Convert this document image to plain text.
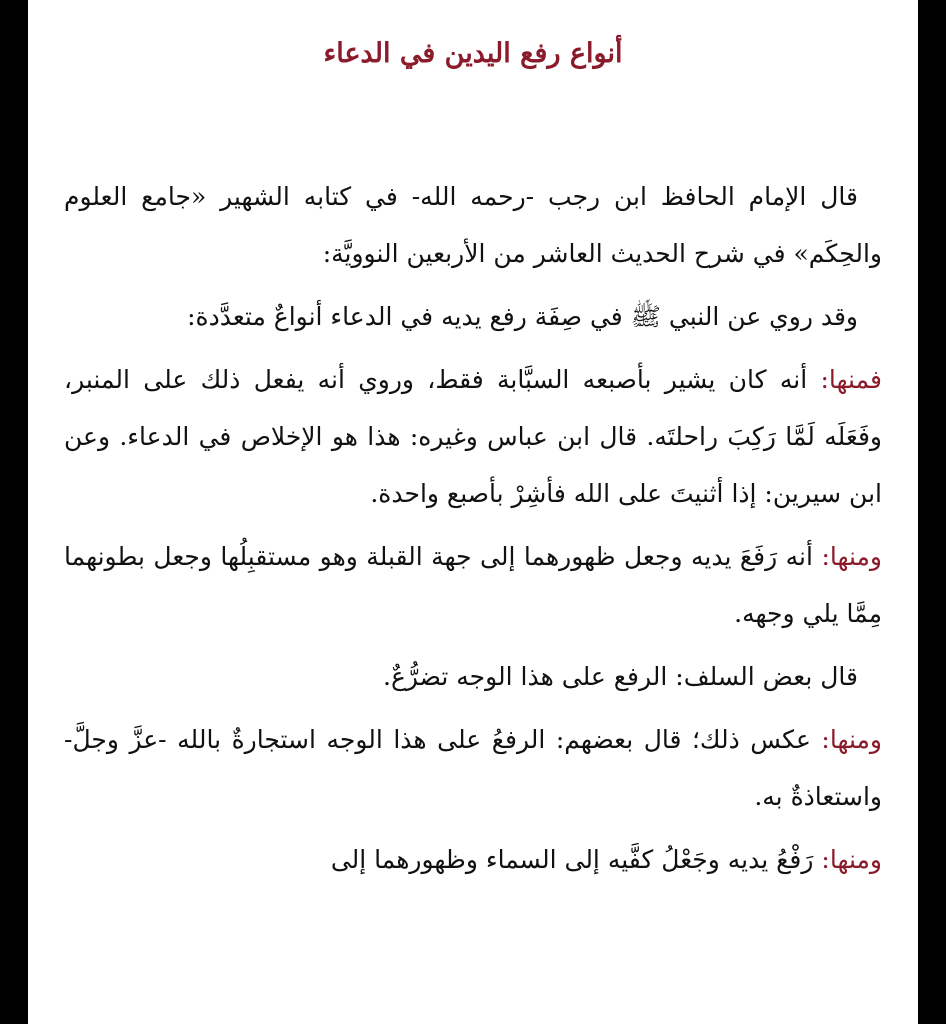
أنواع رفع اليدين في الدعاء

قال الإمام الحافظ ابن رجب -رحمه الله- في كتابه الشهير «جامع العلوم والحِكَم» في شرح الحديث العاشر من الأربعين النوويَّة:

وقد روي عن النبي ﷺ في صِفَة رفع يديه في الدعاء أنواعٌ متعدَّدة:

فمنها: أنه كان يشير بأصبعه السبَّابة فقط، وروي أنه يفعل ذلك على المنبر، وفَعَلَه لَمَّا رَكِبَ راحلتَه. قال ابن عباس وغيره: هذا هو الإخلاص في الدعاء. وعن ابن سيرين: إذا أثنيتَ على الله فأشِرْ بأصبع واحدة.

ومنها: أنه رَفَعَ يديه وجعل ظهورهما إلى جهة القبلة وهو مستقبِلُها وجعل بطونهما مِمَّا يلي وجهه.

قال بعض السلف: الرفع على هذا الوجه تضرُّعٌ.

ومنها: عكس ذلك؛ قال بعضهم: الرفعُ على هذا الوجه استجارةٌ بالله -عزَّ وجلَّ- واستعاذةٌ به.

ومنها: رَفْعُ يديه وجَعْلُ كفَّيه إلى السماء وظهورهما إلى
